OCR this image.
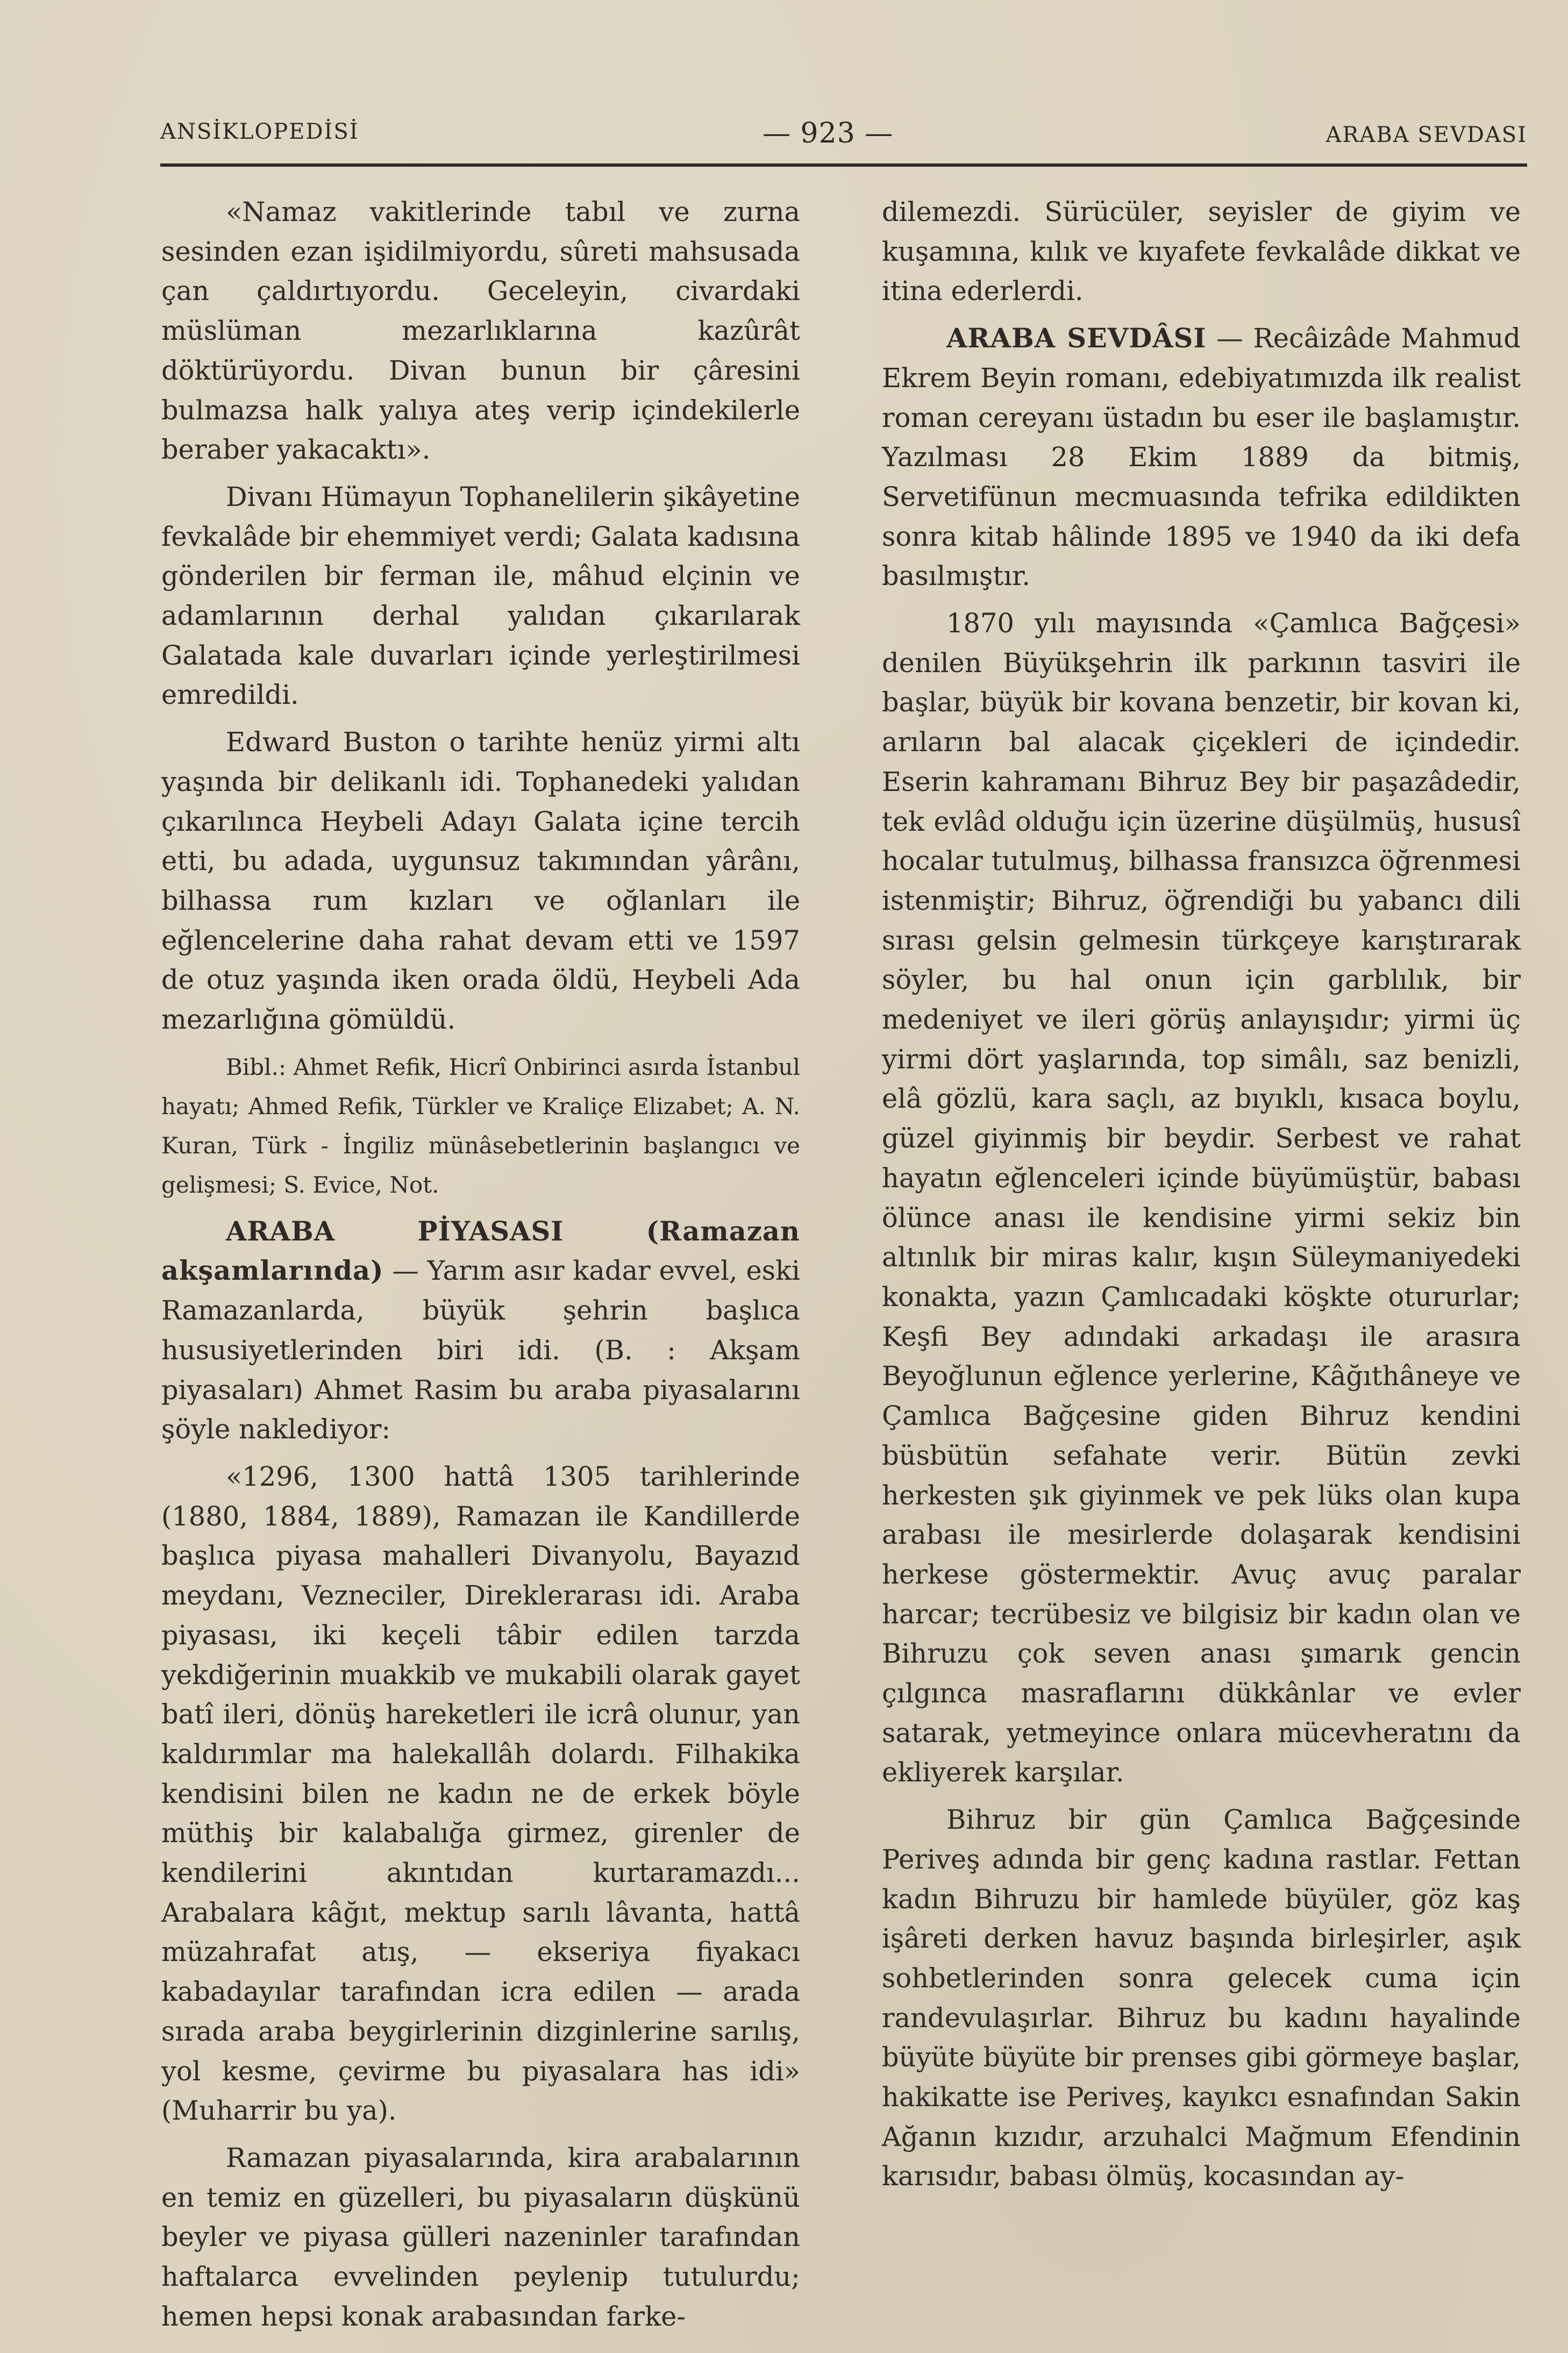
ANSİKLOPEDİSİ	— 923 —	ARABA SEVDASI

«Namaz vakitlerinde tabıl ve zurna sesinden ezan işidilmiyordu, sûreti mahsusada çan çaldırtıyordu. Geceleyin, civardaki müslüman mezarlıklarına kazûrât döktürüyordu. Divan bunun bir çâresini bulmazsa halk yalıya ateş verip içindekilerle beraber yakacaktı».

Divanı Hümayun Tophanelilerin şikâyetine fevkalâde bir ehemmiyet verdi; Galata kadısına gönderilen bir ferman ile, mâhud elçinin ve adamlarının derhal yalıdan çıkarılarak Galatada kale duvarları içinde yerleştirilmesi emredildi.

Edward Buston o tarihte henüz yirmi altı yaşında bir delikanlı idi. Tophanedeki yalıdan çıkarılınca Heybeli Adayı Galata içine tercih etti, bu adada, uygunsuz takımından yârânı, bilhassa rum kızları ve oğlanları ile eğlencelerine daha rahat devam etti ve 1597 de otuz yaşında iken orada öldü, Heybeli Ada mezarlığına gömüldü.

Bibl.: Ahmet Refik, Hicrî Onbirinci asırda İstanbul hayatı; Ahmed Refik, Türkler ve Kraliçe Elizabet; A. N. Kuran, Türk - İngiliz münâsebetlerinin başlangıcı ve gelişmesi; S. Evice, Not.

ARABA PİYASASI (Ramazan akşamlarında) — Yarım asır kadar evvel, eski Ramazanlarda, büyük şehrin başlıca hususiyetlerinden biri idi. (B. : Akşam piyasaları) Ahmet Rasim bu araba piyasalarını şöyle naklediyor:

«1296, 1300 hattâ 1305 tarihlerinde (1880, 1884, 1889), Ramazan ile Kandillerde başlıca piyasa mahalleri Divanyolu, Bayazıd meydanı, Vezneciler, Direklerarası idi. Araba piyasası, iki keçeli tâbir edilen tarzda yekdiğerinin muakkib ve mukabili olarak gayet batî ileri, dönüş hareketleri ile icrâ olunur, yan kaldırımlar ma halekallâh dolardı. Filhakika kendisini bilen ne kadın ne de erkek böyle müthiş bir kalabalığa girmez, girenler de kendilerini akıntıdan kurtaramazdı... Arabalara kâğıt, mektup sarılı lâvanta, hattâ müzahrafat atış, — ekseriya fiyakacı kabadayılar tarafından icra edilen — arada sırada araba beygirlerinin dizginlerine sarılış, yol kesme, çevirme bu piyasalara has idi» (Muharrir bu ya).

Ramazan piyasalarında, kira arabalarının en temiz en güzelleri, bu piyasaların düşkünü beyler ve piyasa gülleri nazeninler tarafından haftalarca evvelinden peylenip tutulurdu; hemen hepsi konak arabasından farke-

dilemezdi. Sürücüler, seyisler de giyim ve kuşamına, kılık ve kıyafete fevkalâde dikkat ve itina ederlerdi.

ARABA SEVDÂSI — Recâizâde Mahmud Ekrem Beyin romanı, edebiyatımızda ilk realist roman cereyanı üstadın bu eser ile başlamıştır. Yazılması 28 Ekim 1889 da bitmiş, Servetifünun mecmuasında tefrika edildikten sonra kitab hâlinde 1895 ve 1940 da iki defa basılmıştır.

1870 yılı mayısında «Çamlıca Bağçesi» denilen Büyükşehrin ilk parkının tasviri ile başlar, büyük bir kovana benzetir, bir kovan ki, arıların bal alacak çiçekleri de içindedir. Eserin kahramanı Bihruz Bey bir paşazâdedir, tek evlâd olduğu için üzerine düşülmüş, hususî hocalar tutulmuş, bilhassa fransızca öğrenmesi istenmiştir; Bihruz, öğrendiği bu yabancı dili sırası gelsin gelmesin türkçeye karıştırarak söyler, bu hal onun için garblılık, bir medeniyet ve ileri görüş anlayışıdır; yirmi üç yirmi dört yaşlarında, top simâlı, saz benizli, elâ gözlü, kara saçlı, az bıyıklı, kısaca boylu, güzel giyinmiş bir beydir. Serbest ve rahat hayatın eğlenceleri içinde büyümüştür, babası ölünce anası ile kendisine yirmi sekiz bin altınlık bir miras kalır, kışın Süleymaniyedeki konakta, yazın Çamlıcadaki köşkte otururlar; Keşfi Bey adındaki arkadaşı ile arasıra Beyoğlunun eğlence yerlerine, Kâğıthâneye ve Çamlıca Bağçesine giden Bihruz kendini büsbütün sefahate verir. Bütün zevki herkesten şık giyinmek ve pek lüks olan kupa arabası ile mesirlerde dolaşarak kendisini herkese göstermektir. Avuç avuç paralar harcar; tecrübesiz ve bilgisiz bir kadın olan ve Bihruzu çok seven anası şımarık gencin çılgınca masraflarını dükkânlar ve evler satarak, yetmeyince onlara mücevheratını da ekliyerek karşılar.

Bihruz bir gün Çamlıca Bağçesinde Periveş adında bir genç kadına rastlar. Fettan kadın Bihruzu bir hamlede büyüler, göz kaş işâreti derken havuz başında birleşirler, aşık sohbetlerinden sonra gelecek cuma için randevulaşırlar. Bihruz bu kadını hayalinde büyüte büyüte bir prenses gibi görmeye başlar, hakikatte ise Periveş, kayıkcı esnafından Sakin Ağanın kızıdır, arzuhalci Mağmum Efendinin karısıdır, babası ölmüş, kocasından ay-
